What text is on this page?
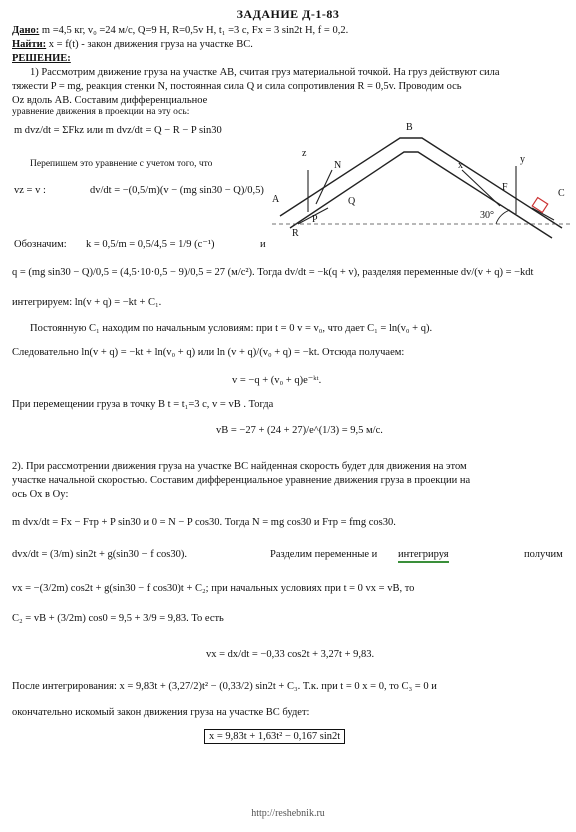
ЗАДАНИЕ Д-1-83
Дано: m =4,5 кг, v₀ =24 м/с, Q=9 Н, R=0,5v Н, t₁ =3 с, Fx = 3 sin2t Н, f = 0,2.
Найти: x = f(t) - закон движения груза на участке ВС.
РЕШЕНИЕ:
1) Рассмотрим движение груза на участке АВ, считая груз материальной точкой. На груз действуют сила
тяжести P = mg, реакция стенки N, постоянная сила Q и сила сопротивления R = 0,5v. Проводим ось
Oz вдоль АВ. Составим дифференциальное
уравнение движения в проекции на эту ось:
m dvz/dt = ΣFkz или m dvz/dt = Q − R − P sin30
Перепишем это уравнение с учетом того, что
vz = v :	dv/dt = −(0,5/m)(v − (mg sin30 − Q)/0,5)
Обозначим: k = 0,5/m = 0,5/4,5 = 1/9 (c⁻¹)	и
q = (mg sin30 − Q)/0,5 = (4,5·10·0,5 − 9)/0,5 = 27 (м/с²). Тогда dv/dt = −k(q + v), разделяя переменные dv/(v + q) = −kdt
интегрируем: ln(v + q) = −kt + C₁.
Постоянную C₁ находим по начальным условиям: при t = 0 v = v₀, что дает C₁ = ln(v₀ + q).
Следовательно ln(v + q) = −kt + ln(v₀ + q) или ln (v + q)/(v₀ + q) = −kt. Отсюда получаем:
v = −q + (v₀ + q)e⁻ᵏᵗ.
При перемещении груза в точку В t = t₁=3 с, v = vB . Тогда
vB = −27 + (24 + 27)/e^(1/3) = 9,5 м/с.
2). При рассмотрении движения груза на участке ВС найденная скорость будет для движения на этом
участке начальной скоростью. Составим дифференциальное уравнение движения груза в проекции на
ось Ox в Oy:
m dvx/dt = Fx − Fтр + P sin30 и 0 = N − P cos30. Тогда N = mg cos30 и Fтр = fmg cos30.
dvx/dt = (3/m) sin2t + g(sin30 − f cos30).	Разделим переменные и интегрируя	получим
vx = −(3/2m) cos2t + g(sin30 − f cos30)t + C₂; при начальных условиях при t = 0 vx = vB, то
C₂ = vB + (3/2m) cos0 = 9,5 + 3/9 = 9,83. То есть
vx = dx/dt = −0,33 cos2t + 3,27t + 9,83.
После интегрирования: x = 9,83t + (3,27/2)t² − (0,33/2) sin2t + C₃. Т.к. при t = 0 x = 0, то C₃ = 0 и
окончательно искомый закон движения груза на участке ВС будет:
x = 9,83t + 1,63t² − 0,167 sin2t
A
B
C
30°
z
x
y
P
R
N
Q
F
http://reshebnik.ru
